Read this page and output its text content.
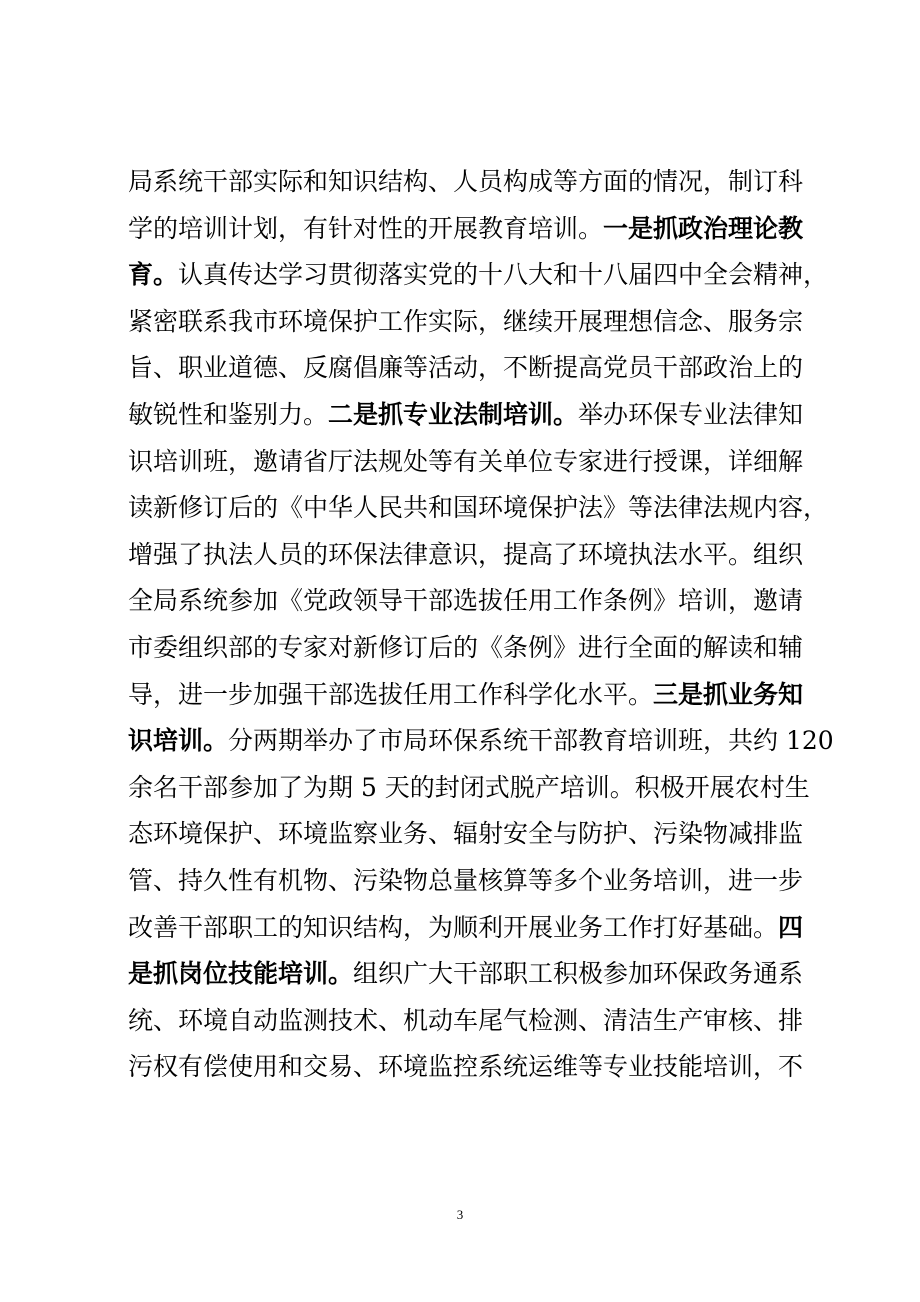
局系统干部实际和知识结构、人员构成等方面的情况，制订科
学的培训计划，有针对性的开展教育培训。一是抓政治理论教
育。认真传达学习贯彻落实党的十八大和十八届四中全会精神，
紧密联系我市环境保护工作实际，继续开展理想信念、服务宗
旨、职业道德、反腐倡廉等活动，不断提高党员干部政治上的
敏锐性和鉴别力。二是抓专业法制培训。举办环保专业法律知
识培训班，邀请省厅法规处等有关单位专家进行授课，详细解
读新修订后的《中华人民共和国环境保护法》等法律法规内容，
增强了执法人员的环保法律意识，提高了环境执法水平。组织
全局系统参加《党政领导干部选拔任用工作条例》培训，邀请
市委组织部的专家对新修订后的《条例》进行全面的解读和辅
导，进一步加强干部选拔任用工作科学化水平。三是抓业务知
识培训。分两期举办了市局环保系统干部教育培训班，共约 120
余名干部参加了为期 5 天的封闭式脱产培训。积极开展农村生
态环境保护、环境监察业务、辐射安全与防护、污染物减排监
管、持久性有机物、污染物总量核算等多个业务培训，进一步
改善干部职工的知识结构，为顺利开展业务工作打好基础。四
是抓岗位技能培训。组织广大干部职工积极参加环保政务通系
统、环境自动监测技术、机动车尾气检测、清洁生产审核、排
污权有偿使用和交易、环境监控系统运维等专业技能培训，不
3
